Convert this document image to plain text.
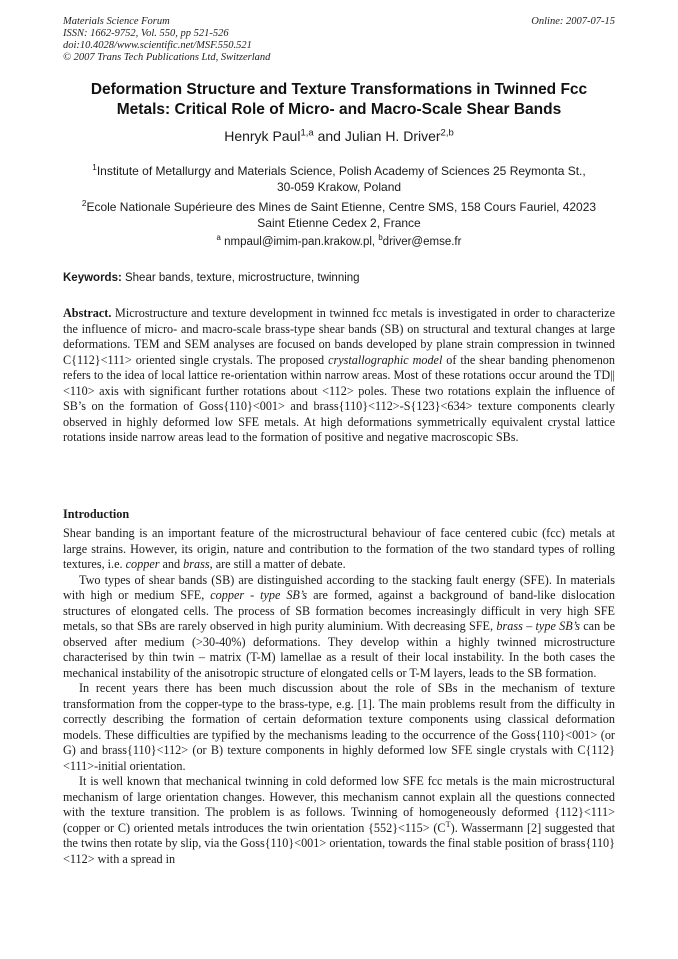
Materials Science Forum
ISSN: 1662-9752, Vol. 550, pp 521-526
doi:10.4028/www.scientific.net/MSF.550.521
© 2007 Trans Tech Publications Ltd, Switzerland
Online: 2007-07-15
Deformation Structure and Texture Transformations in Twinned Fcc
Metals: Critical Role of Micro- and Macro-Scale Shear Bands
Henryk Paul$^{1,a}$ and Julian H. Driver$^{2,b}$
$^1$Institute of Metallurgy and Materials Science, Polish Academy of Sciences 25 Reymonta St.,
30-059 Krakow, Poland
$^2$Ecole Nationale Supérieure des Mines de Saint Etienne, Centre SMS, 158 Cours Fauriel, 42023
Saint Etienne Cedex 2, France
$^a$ nmpaul@imim-pan.krakow.pl, $^b$driver@emse.fr
Keywords: Shear bands, texture, microstructure, twinning
Abstract. Microstructure and texture development in twinned fcc metals is investigated in order to characterize the influence of micro- and macro-scale brass-type shear bands (SB) on structural and textural changes at large deformations. TEM and SEM analyses are focused on bands developed by plane strain compression in twinned C{112}<111> oriented single crystals. The proposed crystallographic model of the shear banding phenomenon refers to the idea of local lattice re-orientation within narrow areas. Most of these rotations occur around the TD||<110> axis with significant further rotations about <112> poles. These two rotations explain the influence of SB’s on the formation of Goss{110}<001> and brass{110}<112>-S{123}<634> texture components clearly observed in highly deformed low SFE metals. At high deformations symmetrically equivalent crystal lattice rotations inside narrow areas lead to the formation of positive and negative macroscopic SBs.
Introduction

Shear banding is an important feature of the microstructural behaviour of face centered cubic (fcc) metals at large strains. However, its origin, nature and contribution to the formation of the two standard types of rolling textures, i.e. copper and brass, are still a matter of debate.

Two types of shear bands (SB) are distinguished according to the stacking fault energy (SFE). In materials with high or medium SFE, copper - type SB’s are formed, against a background of band-like dislocation structures of elongated cells. The process of SB formation becomes increasingly difficult in very high SFE metals, so that SBs are rarely observed in high purity aluminium. With decreasing SFE, brass – type SB’s can be observed after medium (>30-40%) deformations. They develop within a highly twinned microstructure characterised by thin twin – matrix (T-M) lamellae as a result of their local instability. In the both cases the mechanical instability of the anisotropic structure of elongated cells or T-M layers, leads to the SB formation.

In recent years there has been much discussion about the role of SBs in the mechanism of texture transformation from the copper-type to the brass-type, e.g. [1]. The main problems result from the difficulty in correctly describing the formation of certain deformation texture components using classical deformation models. These difficulties are typified by the mechanisms leading to the occurrence of the Goss{110}<001> (or G) and brass{110}<112> (or B) texture components in highly deformed low SFE single crystals with C{112}<111>-initial orientation.

It is well known that mechanical twinning in cold deformed low SFE fcc metals is the main microstructural mechanism of large orientation changes. However, this mechanism cannot explain all the questions connected with the texture transition. The problem is as follows. Twinning of homogeneously deformed {112}<111> (copper or C) oriented metals introduces the twin orientation $\{552\}<115> (C^T)$. Wassermann [2] suggested that the twins then rotate by slip, via the Goss{110}<001> orientation, towards the final stable position of brass{110}<112> with a spread in
